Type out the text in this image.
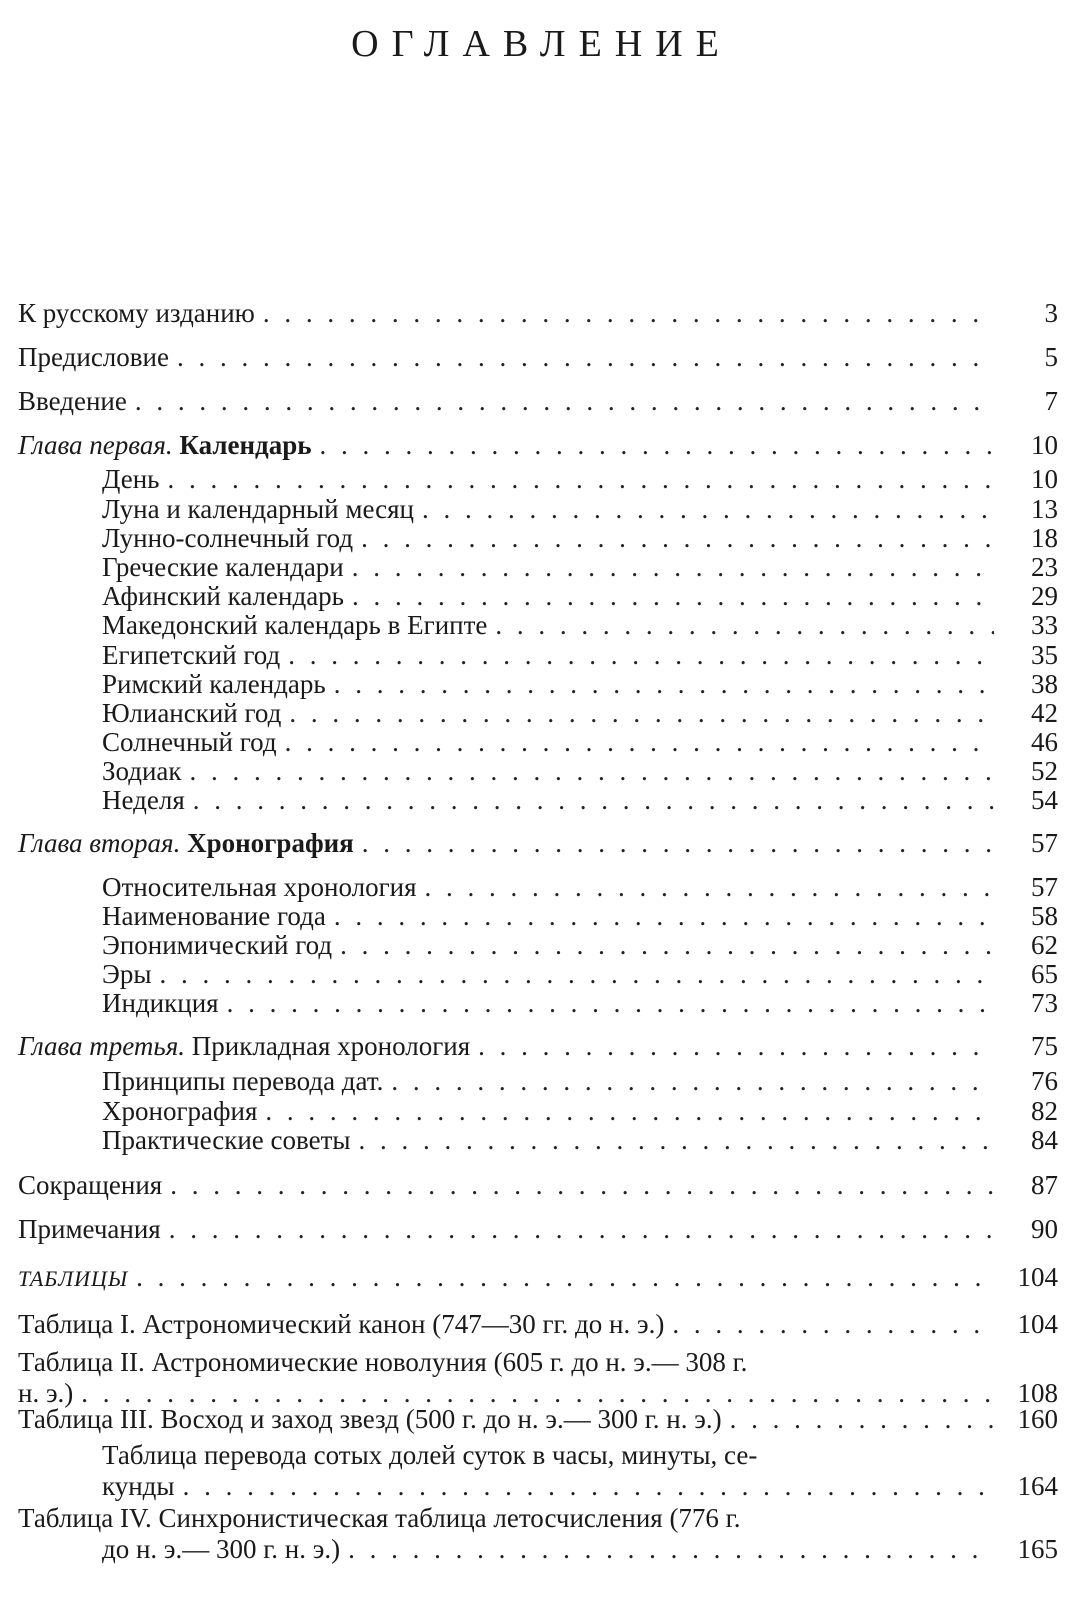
ОГЛАВЛЕНИЕ
К русскому изданию . . .	3
Предисловие . . .	5
Введение . . .	7
Глава первая. Календарь . . .	10
День . . .	10
Луна и календарный месяц . . .	13
Лунно-солнечный год . . .	18
Греческие календари . . .	23
Афинский календарь . . .	29
Македонский календарь в Египте . . .	33
Египетский год . . .	35
Римский календарь . . .	38
Юлианский год . . .	42
Солнечный год . . .	46
Зодиак . . .	52
Неделя . . .	54
Глава вторая. Хронография . . .	57
Относительная хронология . . .	57
Наименование года . . .	58
Эпонимический год . . .	62
Эры . . .	65
Индикция . . .	73
Глава третья. Прикладная хронология . . .	75
Принципы перевода дат. . . .	76
Хронография . . .	82
Практические советы . . .	84
Сокращения . . .	87
Примечания . . .	90
ТАБЛИЦЫ . . .	104
Таблица I. Астрономический канон (747—30 гг. до н. э.) . . .	104
Таблица II. Астрономические новолуния (605 г. до н. э.— 308 г.
н. э.) . . .	108
Таблица III. Восход и заход звезд (500 г. до н. э.— 300 г. н. э.) . . .	160
Таблица перевода сотых долей суток в часы, минуты, се-
кунды . . .	164
Таблица IV. Синхронистическая таблица летосчисления (776 г.
до н. э.— 300 г. н. э.) . . .	165
